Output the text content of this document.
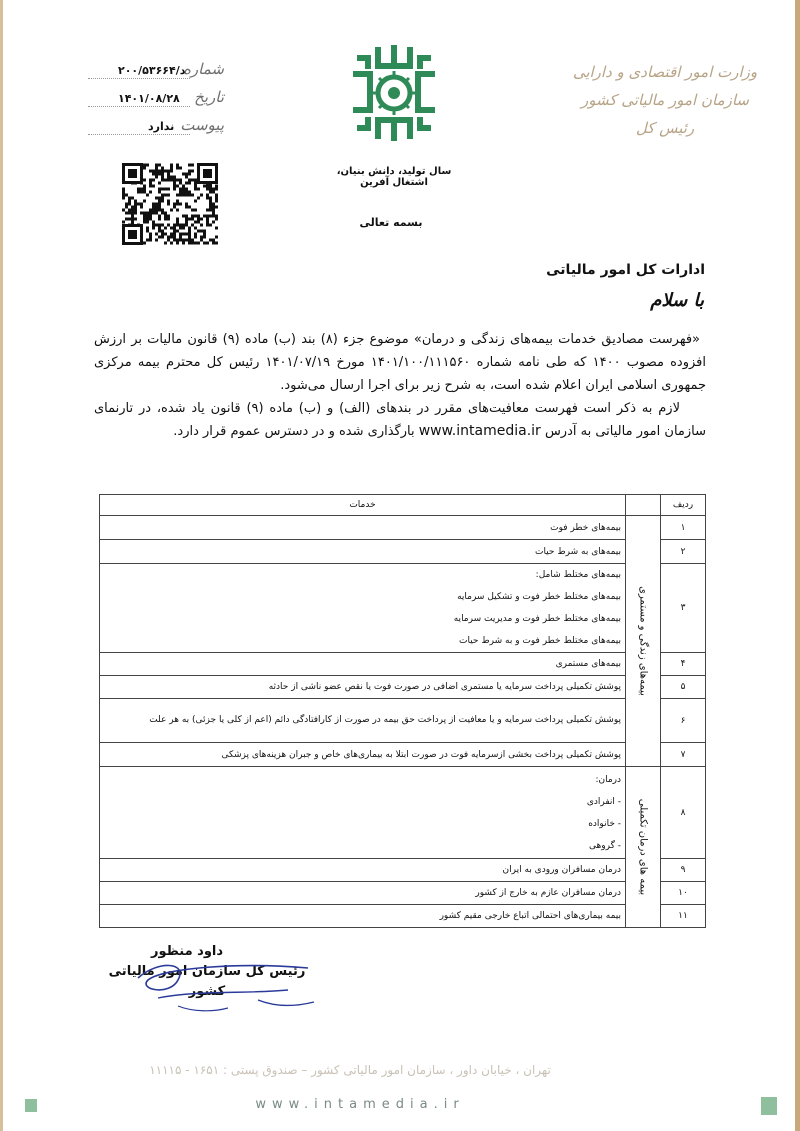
وزارت امور اقتصادی و دارایی
سازمان امور مالیاتی کشور
رئیس کل
شماره
د/۲۰۰/۵۳۶۶۴
تاریخ
۱۴۰۱/۰۸/۲۸
پیوست
ندارد
سال تولید، دانش بنیان، اشتغال آفرین
بسمه تعالی
ادارات کل امور مالیاتی
با سلام

«فهرست مصادیق خدمات بیمه‌های زندگی و درمان» موضوع جزء (۸) بند (ب) ماده (۹) قانون مالیات بر ارزش افزوده مصوب ۱۴۰۰ که طی نامه شماره ۱۴۰۱/۱۰۰/۱۱۱۵۶۰ مورخ ۱۴۰۱/۰۷/۱۹ رئیس کل محترم بیمه مرکزی جمهوری اسلامی ایران اعلام شده است، به شرح زیر برای اجرا ارسال می‌شود.

لازم به ذکر است فهرست معافیت‌های مقرر در بندهای (الف) و (ب) ماده (۹) قانون یاد شده، در تارنمای سازمان امور مالیاتی به آدرس www.intamedia.ir بارگذاری شده و در دسترس عموم قرار دارد.

ردیف		خدمات
۱	بیمه‌های زندگی و مستمری	بیمه‌های خطر فوت
۲		بیمه‌های به شرط حیات
۳		بیمه‌های مختلط شامل:
بیمه‌های مختلط خطر فوت و تشکیل سرمایه
بیمه‌های مختلط خطر فوت و مدیریت سرمایه
بیمه‌های مختلط خطر فوت و به شرط حیات

۴		بیمه‌های مستمری
۵		پوشش تکمیلی پرداخت سرمایه یا مستمری اضافی در صورت فوت یا نقص عضو ناشی از حادثه
۶		پوشش تکمیلی پرداخت سرمایه و یا معافیت از پرداخت حق بیمه در صورت از کارافتادگی دائم (اعم از کلی یا جزئی) به هر علت
۷		پوشش تکمیلی پرداخت بخشی ازسرمایه فوت در صورت ابتلا به بیماری‌های خاص و جبران هزینه‌های پزشکی
۸	بیمه های درمان تکمیلی	درمان:
- انفرادی
- خانواده
- گروهی

۹		درمان مسافران ورودی به ایران
۱۰		درمان مسافران عازم به خارج از کشور
۱۱		بیمه بیماری‌های احتمالی اتباع خارجی مقیم کشور
داود منظور
رئیس کل سازمان امور مالیاتی کشور
تهران ، خیابان داور ، سازمان امور مالیاتی کشور – صندوق پستی : ۱۶۵۱ - ۱۱۱۱۵
www.intamedia.ir
